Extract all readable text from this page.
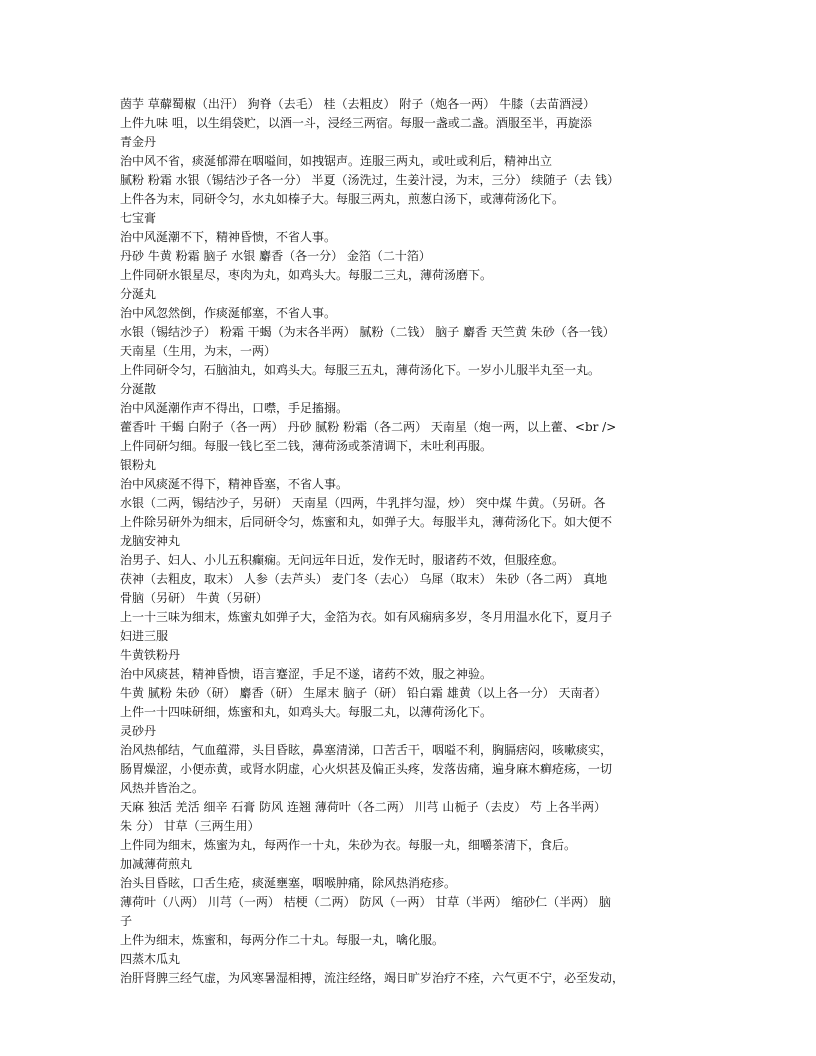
茵芋 草薢蜀椒（出汗） 狗脊（去毛） 桂（去粗皮） 附子（炮各一两） 牛膝（去苗酒浸）
上件九味 咀，以生绢袋贮，以酒一斗，浸经三两宿。每服一盏或二盏。酒服至半，再旋添
青金丹
治中风不省，痰涎郁滞在咽嗌间，如拽锯声。连服三两丸，或吐或利后，精神出立
腻粉 粉霜 水银（锡结沙子各一分） 半夏（汤洗过，生姜汁浸，为末，三分） 续随子（去 钱）
上件各为末，同研令匀，水丸如榛子大。每服三两丸，煎葱白汤下，或薄荷汤化下。
七宝膏
治中风涎潮不下，精神昏愦，不省人事。
丹砂 牛黄 粉霜 脑子 水银 麝香（各一分） 金箔（二十箔）
上件同研水银星尽，枣肉为丸，如鸡头大。每服二三丸，薄荷汤磨下。
分涎丸
治中风忽然倒，作痰涎郁塞，不省人事。
水银（锡结沙子） 粉霜 干蝎（为末各半两） 腻粉（二钱） 脑子 麝香 天竺黄 朱砂（各一钱）
天南星（生用，为末，一两）
上件同研令匀，石脑油丸，如鸡头大。每服三五丸，薄荷汤化下。一岁小儿服半丸至一丸。
分涎散
治中风涎潮作声不得出，口噤，手足搐搦。
藿香叶 干蝎 白附子（各一两） 丹砂 腻粉 粉霜（各二两） 天南星（炮一两，以上藿、<br />
上件同研匀细。每服一钱匕至二钱，薄荷汤或茶清调下，未吐利再服。
银粉丸
治中风痰涎不得下，精神昏塞，不省人事。
水银（二两，锡结沙子，另研） 天南星（四两，牛乳拌匀湿，炒） 突中煤 牛黄。（另研。各
上件除另研外为细末，后同研令匀，炼蜜和丸，如弹子大。每服半丸，薄荷汤化下。如大便不
龙脑安神丸
治男子、妇人、小儿五积癫痫。无问远年日近，发作无时，服诸药不效，但服痊愈。
茯神（去粗皮，取末） 人参（去芦头） 麦门冬（去心） 乌犀（取末） 朱砂（各二两） 真地
骨脑（另研） 牛黄（另研）
上一十三味为细末，炼蜜丸如弹子大，金箔为衣。如有风痫病多岁，冬月用温水化下，夏月子
妇进三服
牛黄铁粉丹
治中风痰甚，精神昏愦，语言蹇涩，手足不遂，诸药不效，服之神验。
牛黄 腻粉 朱砂（研） 麝香（研） 生犀末 脑子（研） 铅白霜 雄黄（以上各一分） 天南者）
上件一十四味研细，炼蜜和丸，如鸡头大。每服二丸，以薄荷汤化下。
灵砂丹
治风热郁结，气血蕴滞，头目昏眩，鼻塞清涕，口苦舌干，咽嗌不利，胸膈痞闷，咳嗽痰实，
肠胃燥涩，小便赤黄，或肾水阴虚，心火炽甚及偏正头疼，发落齿痛，遍身麻木癣疮疡，一切
风热并皆治之。
天麻 独活 羌活 细辛 石膏 防风 连翘 薄荷叶（各二两） 川芎 山栀子（去皮） 芍 上各半两）
朱 分） 甘草（三两生用）
上件同为细末，炼蜜为丸，每两作一十丸，朱砂为衣。每服一丸，细嚼茶清下，食后。
加减薄荷煎丸
治头目昏眩，口舌生疮，痰涎壅塞，咽喉肿痛，除风热消疮疹。
薄荷叶（八两） 川芎（一两） 桔梗（二两） 防风（一两） 甘草（半两） 缩砂仁（半两） 脑
子
上件为细末，炼蜜和，每两分作二十丸。每服一丸，噙化服。
四蒸木瓜丸
治肝肾脾三经气虚，为风寒暑湿相搏，流注经络，竭日旷岁治疗不痊，六气更不宁，必至发动，
